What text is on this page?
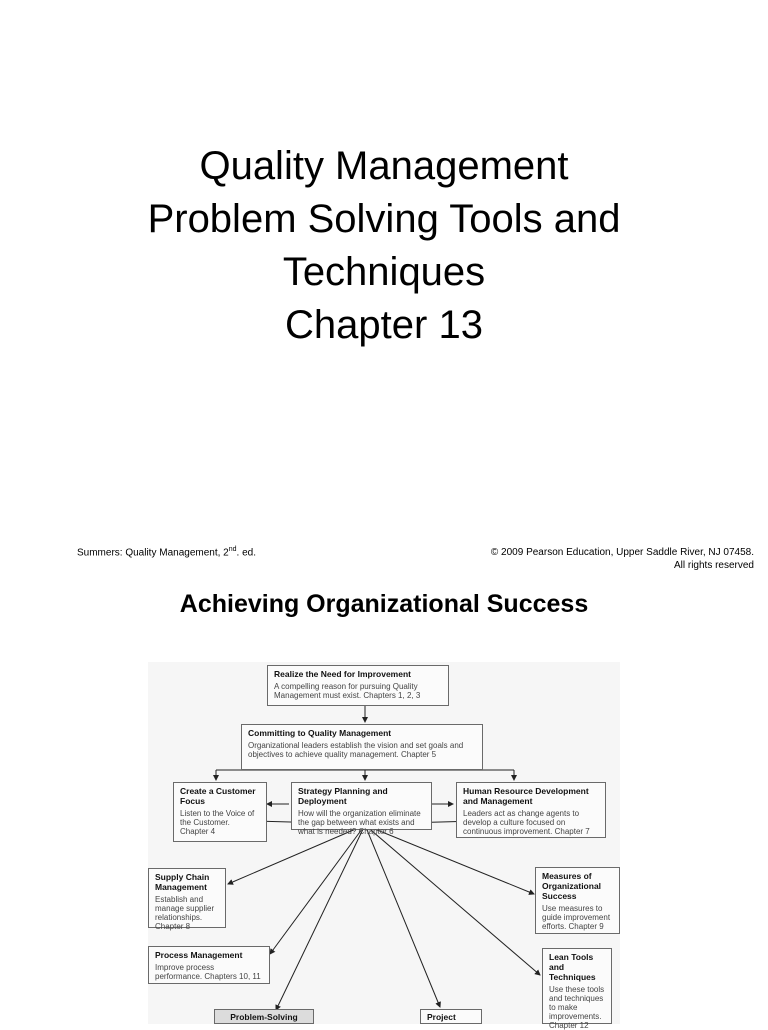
Quality Management
Problem Solving Tools and
Techniques
Chapter 13
Summers: Quality Management, 2nd. ed.	© 2009 Pearson Education, Upper Saddle River, NJ 07458.
All rights reserved
Achieving Organizational Success
Realize the Need for Improvement
A compelling reason for pursuing Quality Management must exist. Chapters 1, 2, 3
Committing to Quality Management
Organizational leaders establish the vision and set goals and objectives to achieve quality management. Chapter 5
Create a Customer Focus
Listen to the Voice of the Customer. Chapter 4
Strategy Planning and Deployment
How will the organization eliminate the gap between what exists and what is needed? Chapter 6
Human Resource Development and Management
Leaders act as change agents to develop a culture focused on continuous improvement. Chapter 7
Supply Chain Management
Establish and manage supplier relationships. Chapter 8
Measures of Organizational Success
Use measures to guide improvement efforts. Chapter 9
Process Management
Improve process performance. Chapters 10, 11
Lean Tools and Techniques
Use these tools and techniques to make improvements. Chapter 12
Problem-Solving	Project
